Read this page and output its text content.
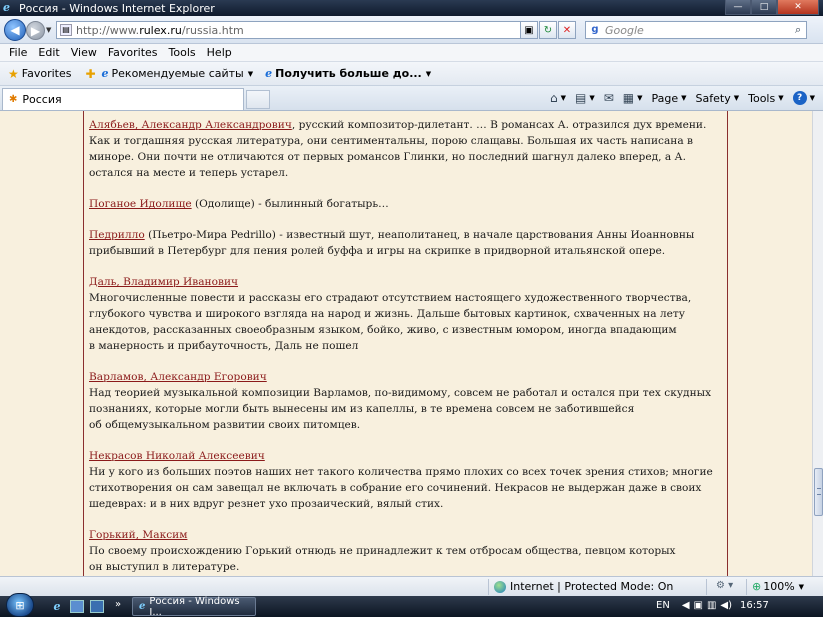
e Россия - Windows Internet Explorer	—	□	✕
◀ ▶ ▼ ▤ http://www.rulex.ru/russia.htm	▣	↻	✕	g Google	⌕
File Edit View Favorites Tools Help
★ Favorites ✚ e Рекомендуемые сайты ▼ e Получить больше до... ▼
✱ Россия	⌂ ▼ ▤ ▼ ✉ ▦ ▼ Page ▼ Safety ▼ Tools ▼	?	▼
Алябьев, Александр Александрович, русский композитор-дилетант. … В романсах А. отразился дух времени. Как и тогдашняя русская литература, они сентиментальны, порою слащавы. Большая их часть написана в миноре. Они почти не отличаются от первых романсов Глинки, но последний шагнул далеко вперед, а А. остался на месте и теперь устарел.
Поганое Идолище (Одолище) - былинный богатырь…
Педрилло (Пьетро-Мира Pedrillo) - известный шут, неаполитанец, в начале царствования Анны Иоанновны прибывший в Петербург для пения ролей буффа и игры на скрипке в придворной итальянской опере.
Даль, Владимир Иванович
Многочисленные повести и рассказы его страдают отсутствием настоящего художественного творчества,
глубокого чувства и широкого взгляда на народ и жизнь. Дальше бытовых картинок, схваченных на лету
анекдотов, рассказанных своеобразным языком, бойко, живо, с известным юмором, иногда впадающим
в манерность и прибауточность, Даль не пошел
Варламов, Александр Егорович
Над теорией музыкальной композиции Варламов, по-видимому, совсем не работал и остался при тех скудных
познаниях, которые могли быть вынесены им из капеллы, в те времена совсем не заботившейся
об общемузыкальном развитии своих питомцев.
Некрасов Николай Алексеевич
Ни у кого из больших поэтов наших нет такого количества прямо плохих со всех точек зрения стихов; многие
стихотворения он сам завещал не включать в собрание его сочинений. Некрасов не выдержан даже в своих
шедеврах: и в них вдруг резнет ухо прозаический, вялый стих.
Горький, Максим
По своему происхождению Горький отнюдь не принадлежит к тем отбросам общества, певцом которых
он выступил в литературе.
Internet | Protected Mode: On	⚙ ▾ ⊕ 100% ▼
⊞	e	» e Россия - Windows I...
EN ◀ ▣ ▥ ◀) 16:57
